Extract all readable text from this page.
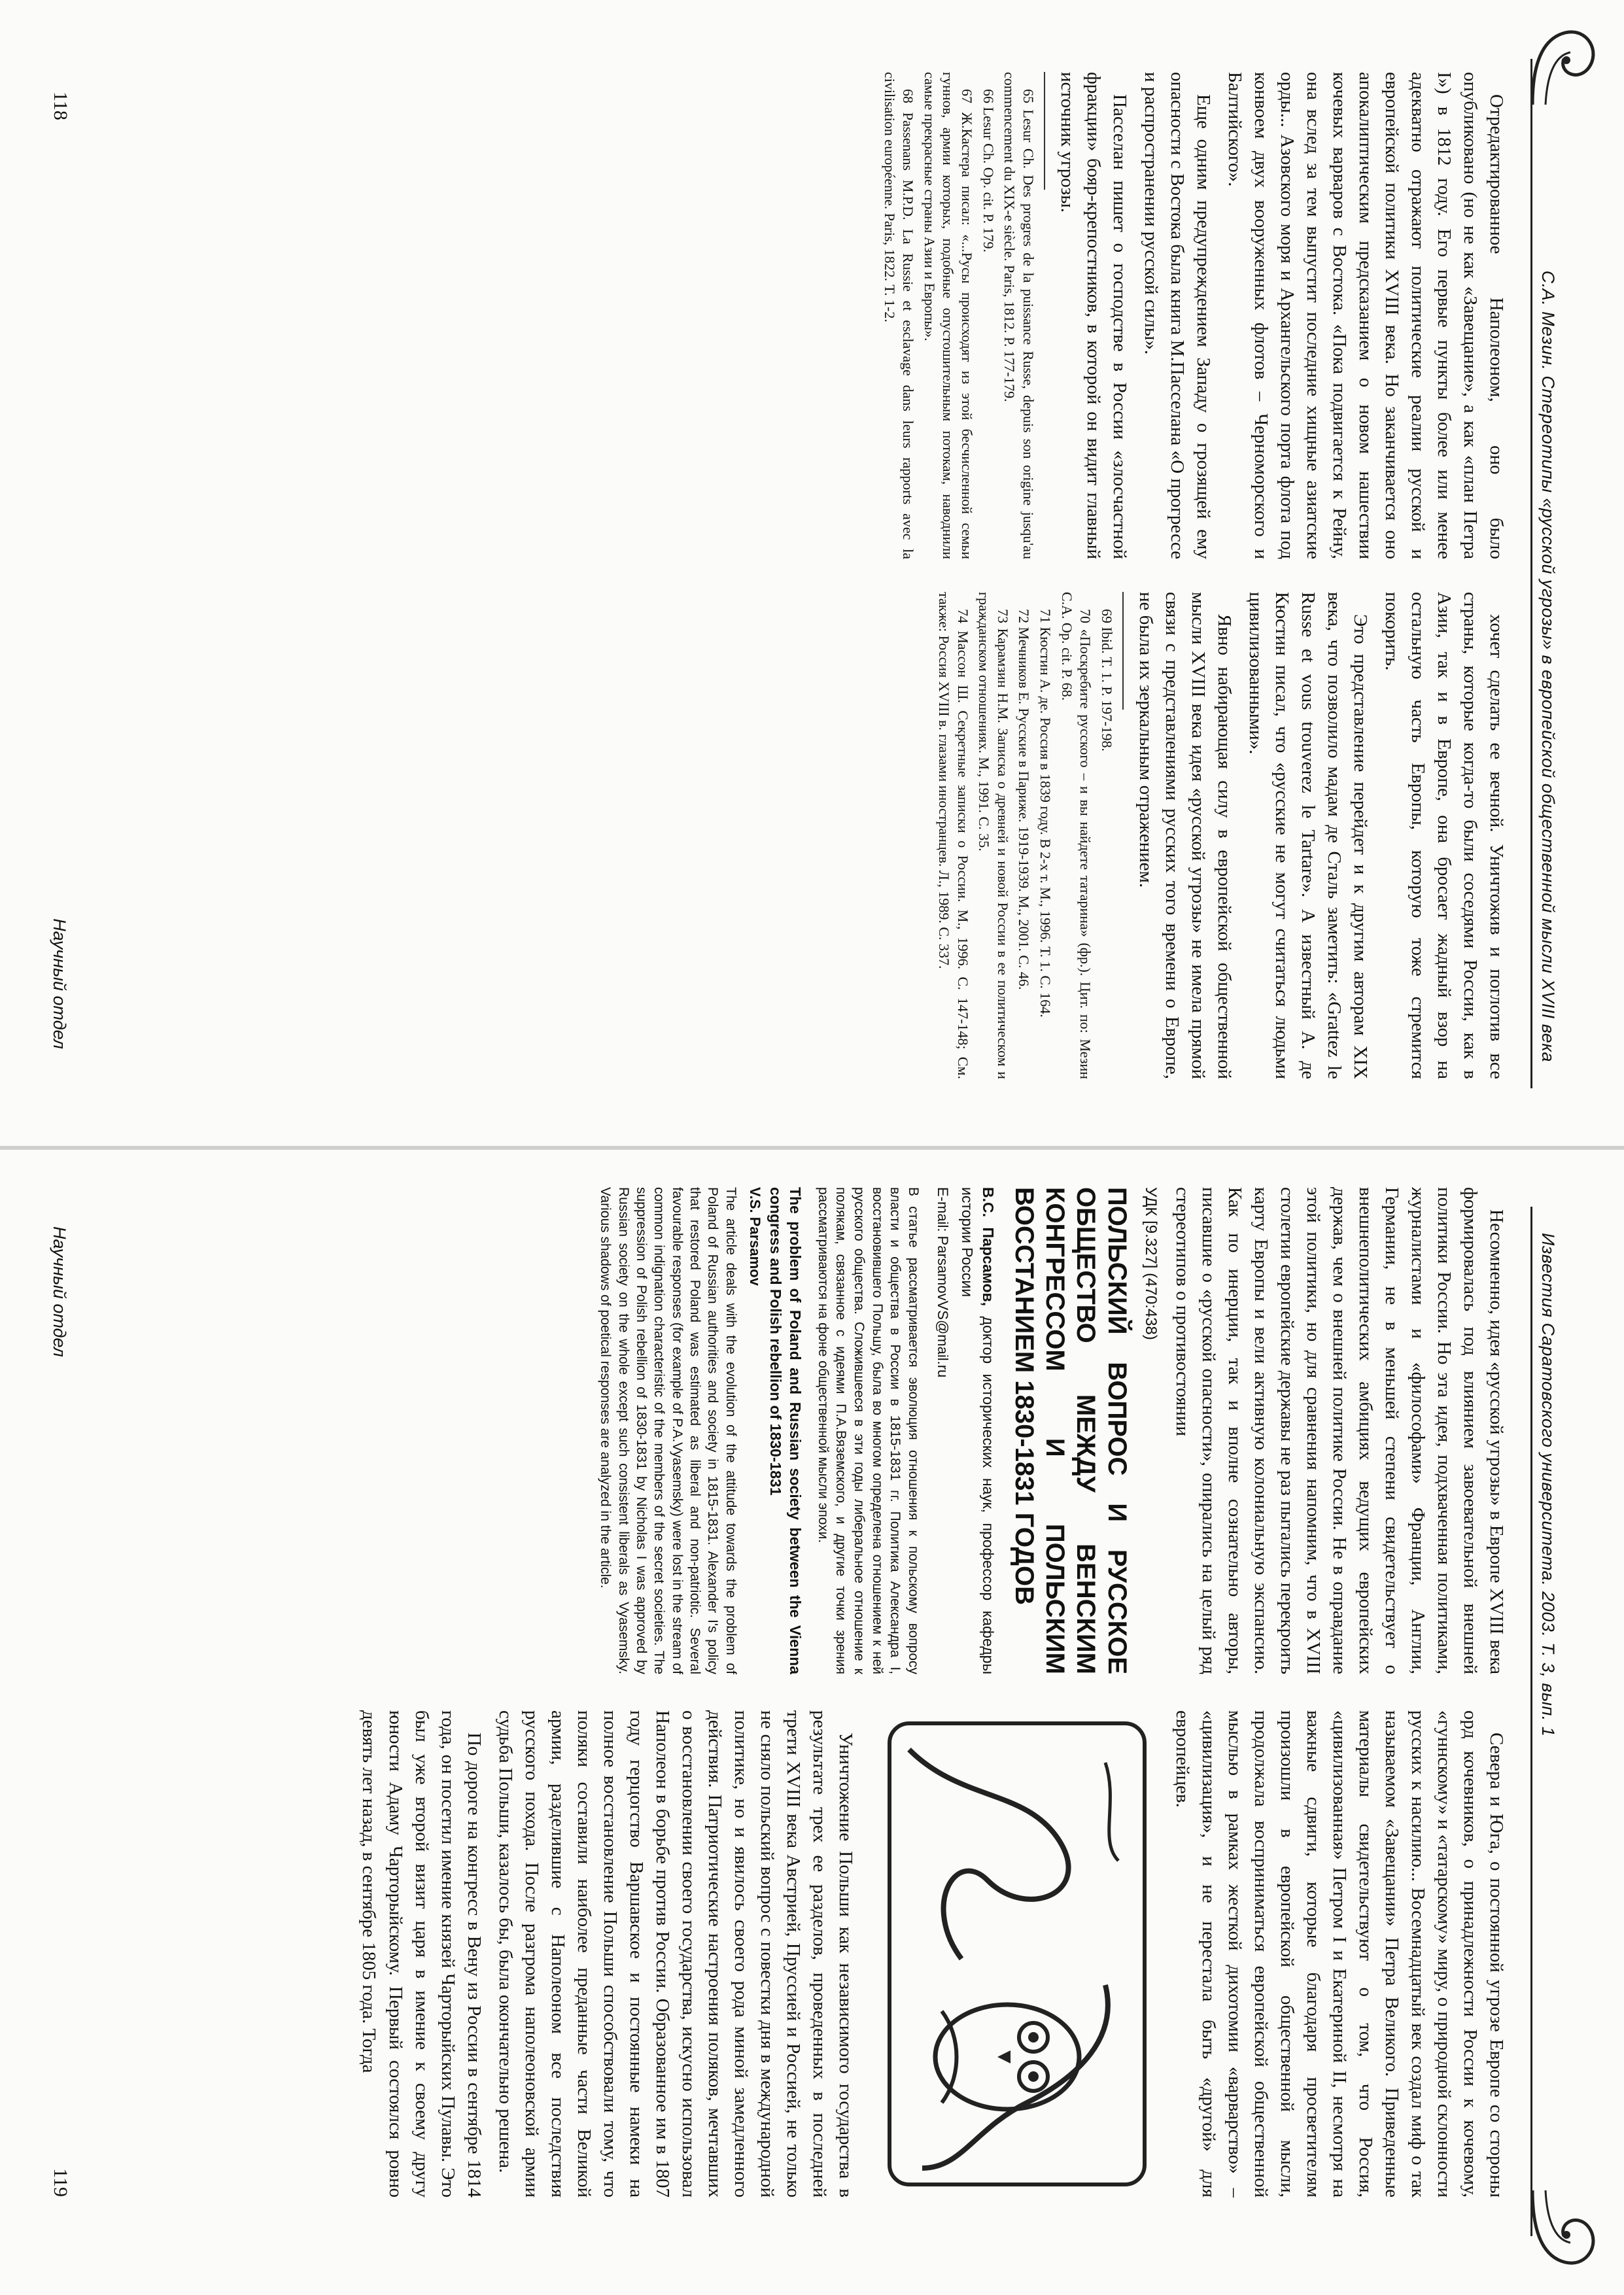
С.А. Мезин. Стереотипы «русской угрозы» в европейской общественной мысли XVIII века

Отредактированное Наполеоном, оно было опубликовано (но не как «Завещание», а как «план Петра I») в 1812 году. Его первые пункты более или менее адекватно отражают политические реалии русской и европейской политики XVIII века. Но заканчивается оно апокалиптическим предсказанием о новом нашествии кочевых варваров с Востока. «Пока подвигается к Рейну, она вслед за тем выпустит последние хищные азиатские орды... Азовского моря и Архангельского порта флота под конвоем двух вооруженных флотов – Черноморского и Балтийского».

Еще одним предупреждением Западу о грозящей ему опасности с Востока была книга М.Пасселана «О прогрессе и распространении русской силы».

Пасселан пишет о господстве в России «злосчастной фракции» бояр-крепостников, в которой он видит главный источник угрозы.

65 Lesur Ch. Des progres de la puissance Russe, depuis son origine jusqu'au commencement du XIX-e siècle. Paris, 1812. P. 177-179.

66 Lesur Ch. Op. cit. P. 179.

67 Ж.Кастера писал: «...Русы происходят из этой бесчисленной семьи гуннов, армии которых, подобные опустошительным потокам, наводнили самые прекрасные страны Азии и Европы».

68 Passenans M.P.D. La Russie et esclavage dans leurs rapports avec la civilisation européenne. Paris, 1822. T. 1-2.

хочет сделать ее вечной. Уничтожив и поглотив все страны, которые когда-то были соседями России, как в Азии, так и в Европе, она бросает жадный взор на остальную часть Европы, которую тоже стремится покорить.

Это представление перейдет и к другим авторам XIX века, что позволило мадам де Сталь заметить: «Grattez le Russe et vous trouverez le Tartare». А известный А. де Кюстин писал, что «русские не могут считаться людьми цивилизованными».

Явно набирающая силу в европейской общественной мысли XVIII века идея «русской угрозы» не имела прямой связи с представлениями русских того времени о Европе, не была их зеркальным отражением.

69 Ibid. T. 1. P. 197-198.

70 «Поскребите русского – и вы найдете татарина» (фр.). Цит. по: Мезин С.А. Op. cit. P. 68.

71 Кюстин А. де. Россия в 1839 году. В 2-х т. М., 1996. Т. 1. С. 164.

72 Мечников Е. Русские в Париже. 1919-1939. М., 2001. С. 46.

73 Карамзин Н.М. Записка о древней и новой России в ее политическом и гражданском отношениях. М., 1991. С. 35.

74 Массон Ш. Секретные записки о России. М., 1996. С. 147-148; См. также: Россия XVIII в. глазами иностранцев. Л., 1989. С. 337.

118
Научный отдел
Известия Саратовского университета. 2003. Т. 3, вып. 1

Несомненно, идея «русской угрозы» в Европе XVIII века формировалась под влиянием завоевательной внешней политики России. Но эта идея, подхваченная политиками, журналистами и «философами» Франции, Англии, Германии, не в меньшей степени свидетельствует о внешнеполитических амбициях ведущих европейских держав, чем о внешней политике России. Не в оправдание этой политики, но для сравнения напомним, что в XVIII столетии европейские державы не раз пытались перекроить карту Европы и вели активную колониальную экспансию. Как по инерции, так и вполне сознательно авторы, писавшие о «русской опасности», опирались на целый ряд стереотипов о противостоянии

УДК [9.327] (470:438)
ПОЛЬСКИЙ ВОПРОС И РУССКОЕ ОБЩЕСТВО МЕЖДУ ВЕНСКИМ КОНГРЕССОМ И ПОЛЬСКИМ ВОССТАНИЕМ 1830-1831 ГОДОВ
В.С. Парсамов, доктор исторических наук, профессор кафедры истории России
E-mail: ParsamovVS@mail.ru
В статье рассматривается эволюция отношения к польскому вопросу власти и общества в России в 1815-1831 гг. Политика Александра I, восстановившего Польшу, была во многом определена отношением к ней русского общества. Сложившееся в эти годы либеральное отношение к полякам, связанное с идеями П.А.Вяземского, и другие точки зрения рассматриваются на фоне общественной мысли эпохи.
The problem of Poland and Russian society between the Vienna congress and Polish rebellion of 1830-1831
V.S. Parsamov
The article deals with the evolution of the attitude towards the problem of Poland of Russian authorities and society in 1815-1831. Alexander I's policy that restored Poland was estimated as liberal and non-patriotic. Several favourable responses (for example of P.A.Vyasemsky) were lost in the stream of common indignation characteristic of the members of the secret societies. The suppression of Polish rebellion of 1830-1831 by Nicholas I was approved by Russian society on the whole except such consistent liberals as Vyasemsky. Various shadows of poetical responses are analyzed in the article.

Севера и Юга, о постоянной угрозе Европе со стороны орд кочевников, о принадлежности России к кочевому, «гуннскому» и «татарскому» миру, о природной склонности русских к насилию... Восемнадцатый век создал миф о так называемом «Завещании» Петра Великого. Приведенные материалы свидетельствуют о том, что Россия, «цивилизованная» Петром I и Екатериной II, несмотря на важные сдвиги, которые благодаря просветителям произошли в европейской общественной мысли, продолжала восприниматься европейской общественной мыслью в рамках жесткой дихотомии «варварство» – «цивилизация», и не перестала быть «другой» для европейцев.

Уничтожение Польши как независимого государства в результате трех ее разделов, проведенных в последней трети XVIII века Австрией, Пруссией и Россией, не только не сняло польский вопрос с повестки дня в международной политике, но и явилось своего рода миной замедленного действия. Патриотические настроения поляков, мечтавших о восстановлении своего государства, искусно использовал Наполеон в борьбе против России. Образованное им в 1807 году герцогство Варшавское и постоянные намеки на полное восстановление Польши способствовали тому, что поляки составили наиболее преданные части Великой армии, разделившие с Наполеоном все последствия русского похода. После разгрома наполеоновской армии судьба Польши, казалось бы, была окончательно решена.

По дороге на конгресс в Вену из России в сентябре 1814 года, он посетил имение князей Чарторыйских Пулавы. Это был уже второй визит царя в имение к своему другу юности Адаму Чарторыйскому. Первый состоялся ровно девять лет назад, в сентябре 1805 года. Тогда

119
Научный отдел
